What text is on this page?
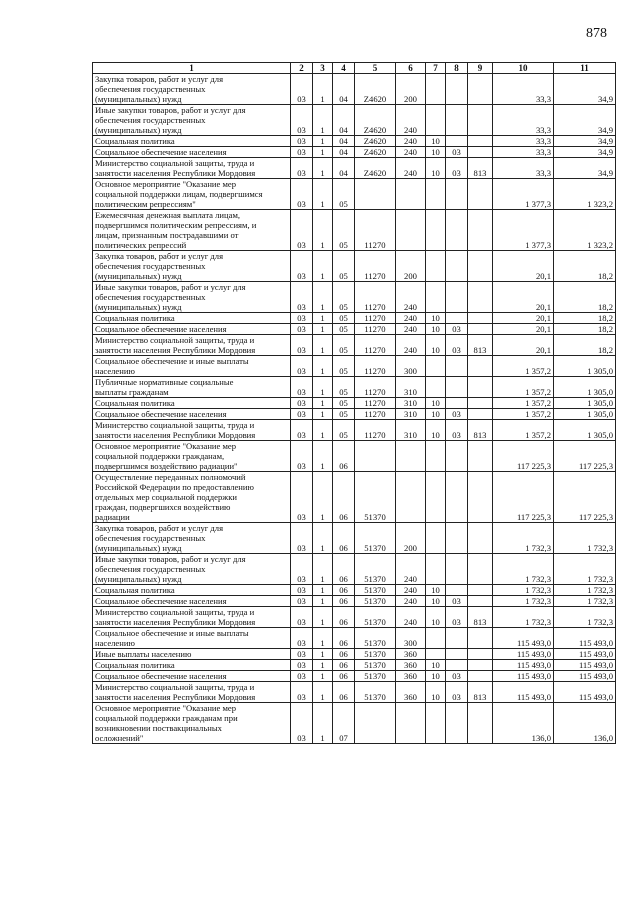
878
1	2	3	4	5	6	7	8	9	10	11
Закупка товаров, работ и услуг для
обеспечения государственных
(муниципальных) нужд	03	1	04	Z4620	200				33,3	34,9
Иные закупки товаров, работ и услуг для
обеспечения государственных
(муниципальных) нужд	03	1	04	Z4620	240				33,3	34,9
Социальная политика	03	1	04	Z4620	240	10			33,3	34,9
Социальное обеспечение населения	03	1	04	Z4620	240	10	03		33,3	34,9
Министерство социальной защиты, труда и
занятости населения Республики Мордовия	03	1	04	Z4620	240	10	03	813	33,3	34,9
Основное мероприятие "Оказание мер
социальной поддержки лицам, подвергшимся
политическим репрессиям"	03	1	05						1 377,3	1 323,2
Ежемесячная денежная выплата лицам,
подвергшимся политическим репрессиям, и
лицам, признанным пострадавшими от
политических репрессий	03	1	05	11270					1 377,3	1 323,2
Закупка товаров, работ и услуг для
обеспечения государственных
(муниципальных) нужд	03	1	05	11270	200				20,1	18,2
Иные закупки товаров, работ и услуг для
обеспечения государственных
(муниципальных) нужд	03	1	05	11270	240				20,1	18,2
Социальная политика	03	1	05	11270	240	10			20,1	18,2
Социальное обеспечение населения	03	1	05	11270	240	10	03		20,1	18,2
Министерство социальной защиты, труда и
занятости населения Республики Мордовия	03	1	05	11270	240	10	03	813	20,1	18,2
Социальное обеспечение и иные выплаты
населению	03	1	05	11270	300				1 357,2	1 305,0
Публичные нормативные социальные
выплаты гражданам	03	1	05	11270	310				1 357,2	1 305,0
Социальная политика	03	1	05	11270	310	10			1 357,2	1 305,0
Социальное обеспечение населения	03	1	05	11270	310	10	03		1 357,2	1 305,0
Министерство социальной защиты, труда и
занятости населения Республики Мордовия	03	1	05	11270	310	10	03	813	1 357,2	1 305,0
Основное мероприятие "Оказание мер
социальной поддержки гражданам,
подвергшимся воздействию радиации"	03	1	06						117 225,3	117 225,3
Осуществление переданных полномочий
Российской Федерации по предоставлению
отдельных мер социальной поддержки
граждан, подвергшихся воздействию
радиации	03	1	06	51370					117 225,3	117 225,3
Закупка товаров, работ и услуг для
обеспечения государственных
(муниципальных) нужд	03	1	06	51370	200				1 732,3	1 732,3
Иные закупки товаров, работ и услуг для
обеспечения государственных
(муниципальных) нужд	03	1	06	51370	240				1 732,3	1 732,3
Социальная политика	03	1	06	51370	240	10			1 732,3	1 732,3
Социальное обеспечение населения	03	1	06	51370	240	10	03		1 732,3	1 732,3
Министерство социальной защиты, труда и
занятости населения Республики Мордовия	03	1	06	51370	240	10	03	813	1 732,3	1 732,3
Социальное обеспечение и иные выплаты
населению	03	1	06	51370	300				115 493,0	115 493,0
Иные выплаты населению	03	1	06	51370	360				115 493,0	115 493,0
Социальная политика	03	1	06	51370	360	10			115 493,0	115 493,0
Социальное обеспечение населения	03	1	06	51370	360	10	03		115 493,0	115 493,0
Министерство социальной защиты, труда и
занятости населения Республики Мордовия	03	1	06	51370	360	10	03	813	115 493,0	115 493,0
Основное мероприятие "Оказание мер
социальной поддержки гражданам при
возникновении поствакцинальных
осложнений"	03	1	07						136,0	136,0
